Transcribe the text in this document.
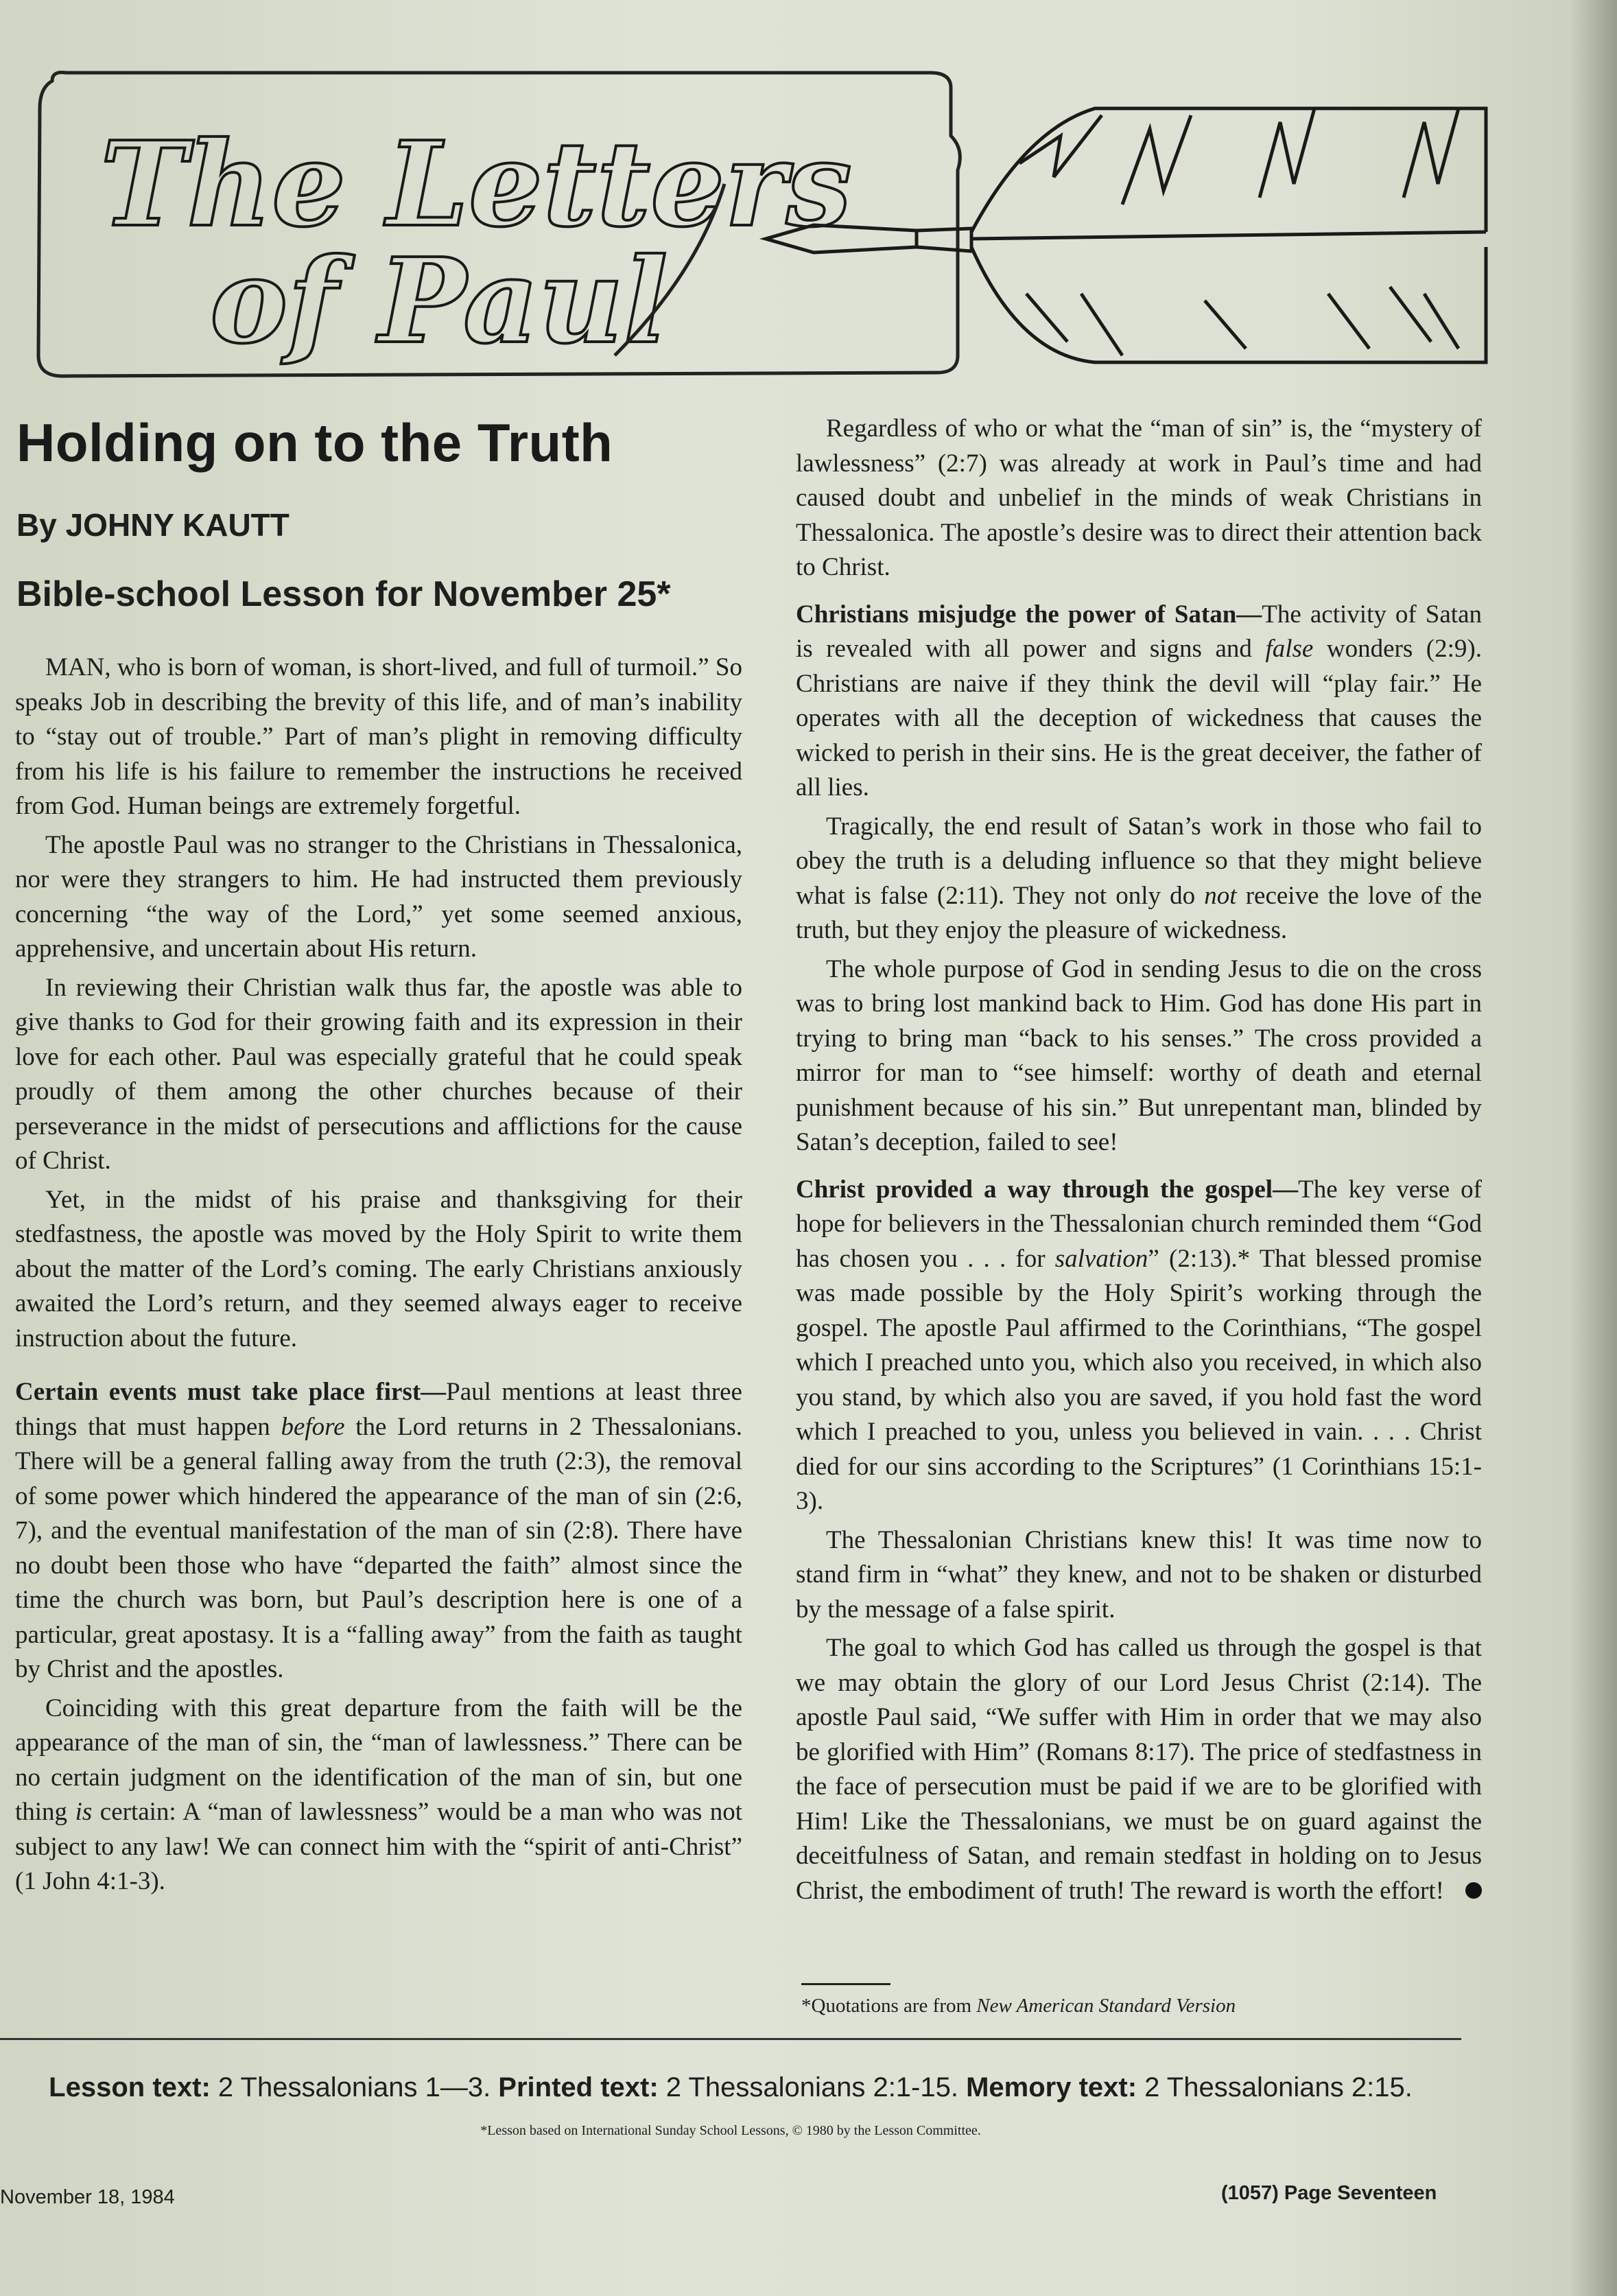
The Letters
of Paul
Holding on to the Truth
By JOHNY KAUTT
Bible-school Lesson for November 25*

MAN, who is born of woman, is short-lived, and full of turmoil.” So speaks Job in describing the brevity of this life, and of man’s inability to “stay out of trouble.” Part of man’s plight in removing difficulty from his life is his failure to remember the instructions he received from God. Human beings are extremely forgetful.

The apostle Paul was no stranger to the Christians in Thessalonica, nor were they strangers to him. He had instructed them previously concerning “the way of the Lord,” yet some seemed anxious, apprehensive, and uncertain about His return.

In reviewing their Christian walk thus far, the apostle was able to give thanks to God for their growing faith and its expression in their love for each other. Paul was especially grateful that he could speak proudly of them among the other churches because of their perseverance in the midst of persecutions and afflictions for the cause of Christ.

Yet, in the midst of his praise and thanksgiving for their stedfastness, the apostle was moved by the Holy Spirit to write them about the matter of the Lord’s coming. The early Christians anxiously awaited the Lord’s return, and they seemed always eager to receive instruction about the future.

Certain events must take place first—Paul mentions at least three things that must happen before the Lord returns in 2 Thessalonians. There will be a general falling away from the truth (2:3), the removal of some power which hindered the appearance of the man of sin (2:6, 7), and the eventual manifestation of the man of sin (2:8). There have no doubt been those who have “departed the faith” almost since the time the church was born, but Paul’s description here is one of a particular, great apostasy. It is a “falling away” from the faith as taught by Christ and the apostles.

Coinciding with this great departure from the faith will be the appearance of the man of sin, the “man of lawlessness.” There can be no certain judgment on the identification of the man of sin, but one thing is certain: A “man of lawlessness” would be a man who was not subject to any law! We can connect him with the “spirit of anti-Christ” (1 John 4:1-3).

Regardless of who or what the “man of sin” is, the “mystery of lawlessness” (2:7) was already at work in Paul’s time and had caused doubt and unbelief in the minds of weak Christians in Thessalonica. The apostle’s desire was to direct their attention back to Christ.

Christians misjudge the power of Satan—The activity of Satan is revealed with all power and signs and false wonders (2:9). Christians are naive if they think the devil will “play fair.” He operates with all the deception of wickedness that causes the wicked to perish in their sins. He is the great deceiver, the father of all lies.

Tragically, the end result of Satan’s work in those who fail to obey the truth is a deluding influence so that they might believe what is false (2:11). They not only do not receive the love of the truth, but they enjoy the pleasure of wickedness.

The whole purpose of God in sending Jesus to die on the cross was to bring lost mankind back to Him. God has done His part in trying to bring man “back to his senses.” The cross provided a mirror for man to “see himself: worthy of death and eternal punishment because of his sin.” But unrepentant man, blinded by Satan’s deception, failed to see!

Christ provided a way through the gospel—The key verse of hope for believers in the Thessalonian church reminded them “God has chosen you . . . for salvation” (2:13).* That blessed promise was made possible by the Holy Spirit’s working through the gospel. The apostle Paul affirmed to the Corinthians, “The gospel which I preached unto you, which also you received, in which also you stand, by which also you are saved, if you hold fast the word which I preached to you, unless you believed in vain. . . . Christ died for our sins according to the Scriptures” (1 Corinthians 15:1-3).

The Thessalonian Christians knew this! It was time now to stand firm in “what” they knew, and not to be shaken or disturbed by the message of a false spirit.

The goal to which God has called us through the gospel is that we may obtain the glory of our Lord Jesus Christ (2:14). The apostle Paul said, “We suffer with Him in order that we may also be glorified with Him” (Romans 8:17). The price of stedfastness in the face of persecution must be paid if we are to be glorified with Him! Like the Thessalonians, we must be on guard against the deceitfulness of Satan, and remain stedfast in holding on to Jesus Christ, the embodiment of truth! The reward is worth the effort!

*Quotations are from New American Standard Version
Lesson text: 2 Thessalonians 1—3. Printed text: 2 Thessalonians 2:1-15. Memory text: 2 Thessalonians 2:15.
*Lesson based on International Sunday School Lessons, © 1980 by the Lesson Committee.
November 18, 1984	(1057) Page Seventeen
